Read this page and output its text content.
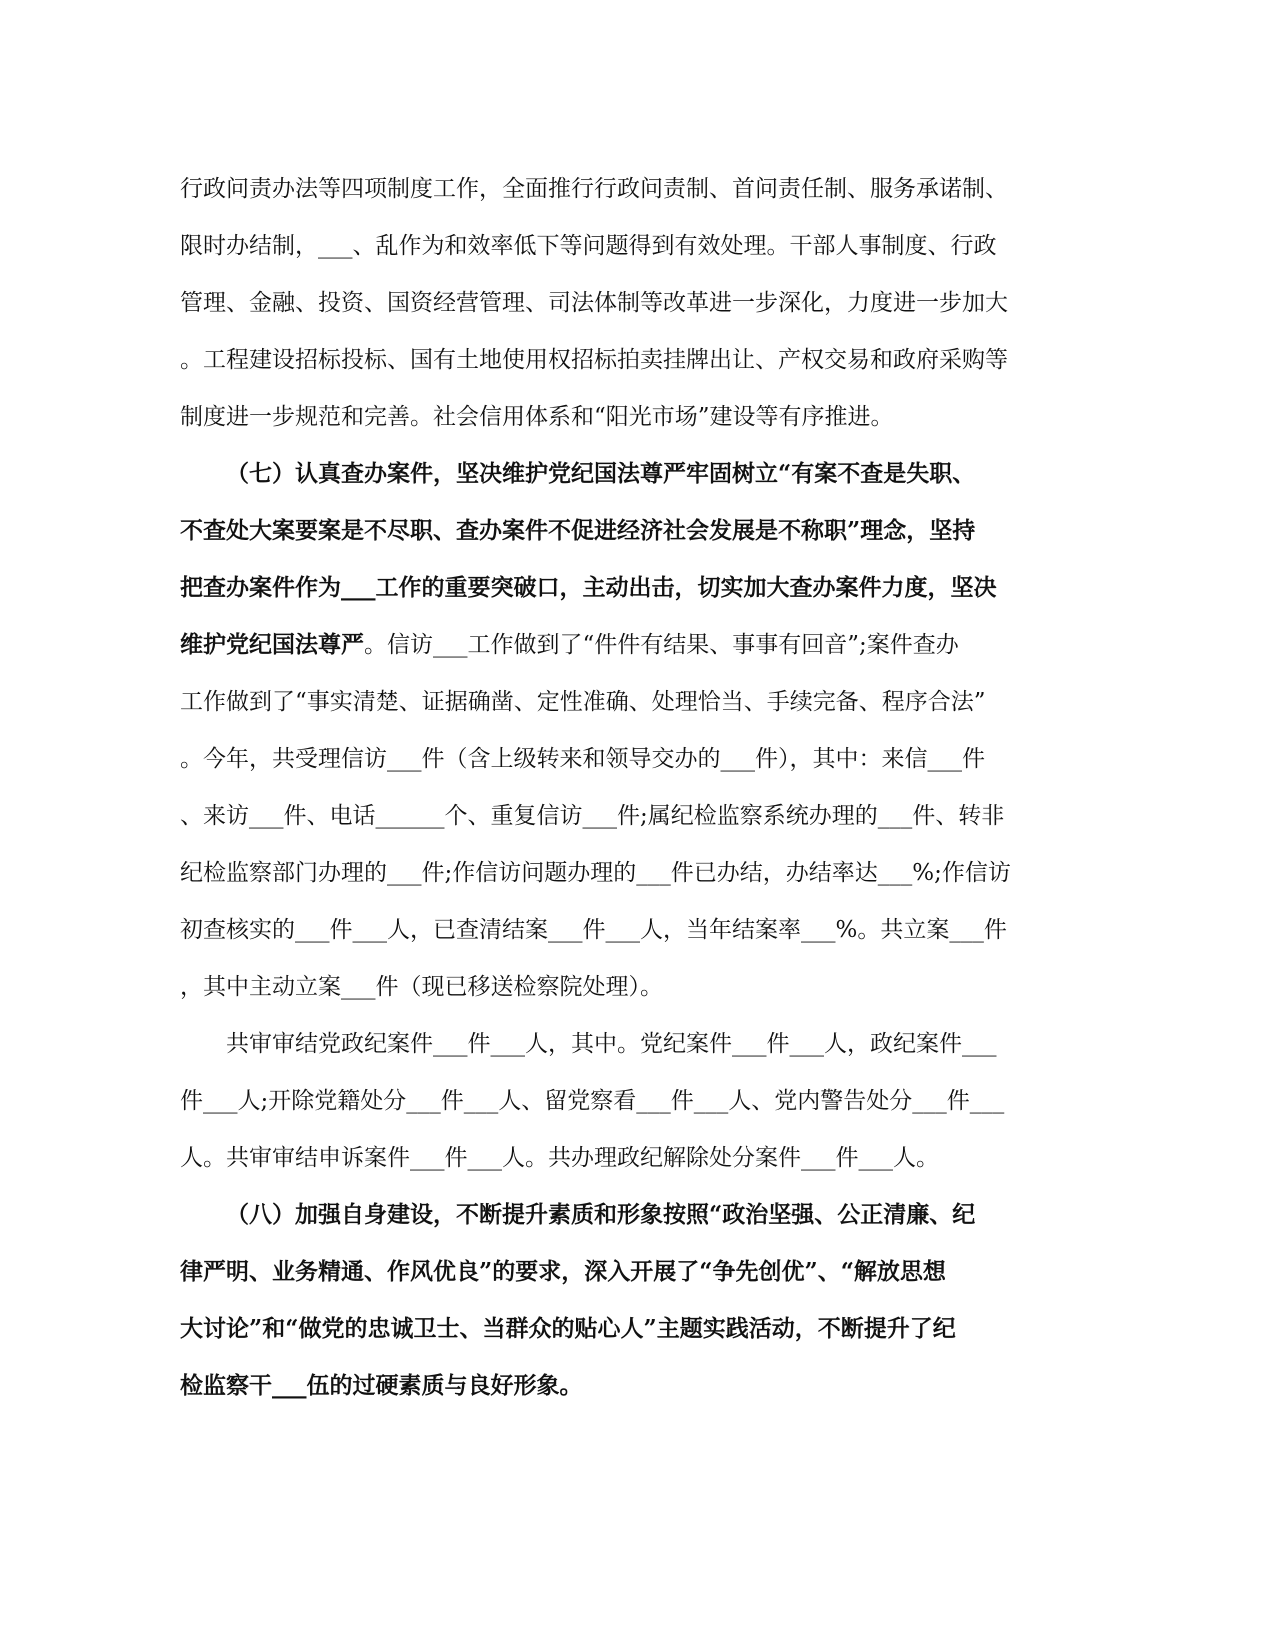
行政问责办法等四项制度工作，全面推行行政问责制、首问责任制、服务承诺制、
限时办结制，___、乱作为和效率低下等问题得到有效处理。干部人事制度、行政
管理、金融、投资、国资经营管理、司法体制等改革进一步深化，力度进一步加大
。工程建设招标投标、国有土地使用权招标拍卖挂牌出让、产权交易和政府采购等
制度进一步规范和完善。社会信用体系和“阳光市场”建设等有序推进。
（七）认真查办案件，坚决维护党纪国法尊严牢固树立“有案不查是失职、
不查处大案要案是不尽职、查办案件不促进经济社会发展是不称职”理念，坚持
把查办案件作为___工作的重要突破口，主动出击，切实加大查办案件力度，坚决
维护党纪国法尊严。信访___工作做到了“件件有结果、事事有回音”;案件查办
工作做到了“事实清楚、证据确凿、定性准确、处理恰当、手续完备、程序合法”
。今年，共受理信访___件（含上级转来和领导交办的___件），其中：来信___件
、来访___件、电话______个、重复信访___件;属纪检监察系统办理的___件、转非
纪检监察部门办理的___件;作信访问题办理的___件已办结，办结率达___%;作信访
初查核实的___件___人，已查清结案___件___人，当年结案率___%。共立案___件
，其中主动立案___件（现已移送检察院处理）。
共审审结党政纪案件___件___人，其中。党纪案件___件___人，政纪案件___
件___人;开除党籍处分___件___人、留党察看___件___人、党内警告处分___件___
人。共审审结申诉案件___件___人。共办理政纪解除处分案件___件___人。
（八）加强自身建设，不断提升素质和形象按照“政治坚强、公正清廉、纪
律严明、业务精通、作风优良”的要求，深入开展了“争先创优”、“解放思想
大讨论”和“做党的忠诚卫士、当群众的贴心人”主题实践活动，不断提升了纪
检监察干___伍的过硬素质与良好形象。
